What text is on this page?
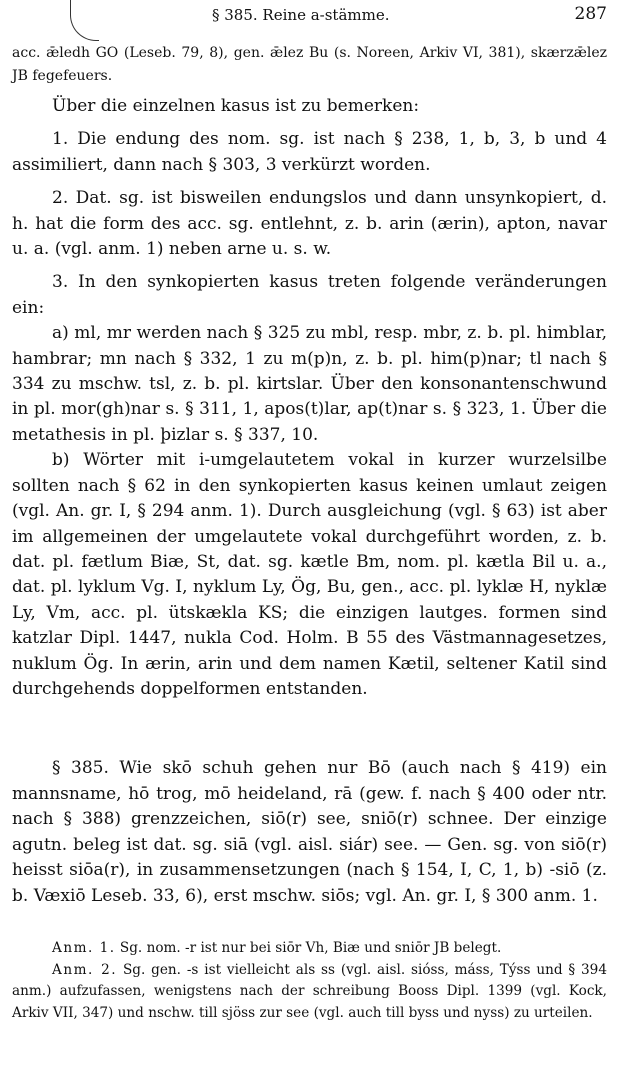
§ 385. Reine a-stämme.	287
acc. ǣledh GO (Leseb. 79, 8), gen. ǣlez Bu (s. Noreen, Arkiv VI, 381), skærzǣlez JB fegefeuers.

Über die einzelnen kasus ist zu bemerken:

1. Die endung des nom. sg. ist nach § 238, 1, b, 3, b und 4 assimiliert, dann nach § 303, 3 verkürzt worden.

2. Dat. sg. ist bisweilen endungslos und dann unsynkopiert, d. h. hat die form des acc. sg. entlehnt, z. b. arin (ærin), apton, navar u. a. (vgl. anm. 1) neben arne u. s. w.

3. In den synkopierten kasus treten folgende veränderungen ein:

a) ml, mr werden nach § 325 zu mbl, resp. mbr, z. b. pl. himblar, hambrar; mn nach § 332, 1 zu m(p)n, z. b. pl. him(p)nar; tl nach § 334 zu mschw. tsl, z. b. pl. kirtslar. Über den konsonantenschwund in pl. mor(gh)nar s. § 311, 1, apos(t)lar, ap(t)nar s. § 323, 1. Über die metathesis in pl. þizlar s. § 337, 10.

b) Wörter mit i-umgelautetem vokal in kurzer wurzelsilbe sollten nach § 62 in den synkopierten kasus keinen umlaut zeigen (vgl. An. gr. I, § 294 anm. 1). Durch ausgleichung (vgl. § 63) ist aber im allgemeinen der umgelautete vokal durchgeführt worden, z. b. dat. pl. fætlum Biæ, St, dat. sg. kætle Bm, nom. pl. kætla Bil u. a., dat. pl. lyklum Vg. I, nyklum Ly, Ög, Bu, gen., acc. pl. lyklæ H, nyklæ Ly, Vm, acc. pl. ütskækla KS; die einzigen lautges. formen sind katzlar Dipl. 1447, nukla Cod. Holm. B 55 des Västmannagesetzes, nuklum Ög. In ærin, arin und dem namen Kætil, seltener Katil sind durchgehends doppelformen entstanden.

§ 385. Wie skō schuh gehen nur Bō (auch nach § 419) ein mannsname, hō trog, mō heideland, rā (gew. f. nach § 400 oder ntr. nach § 388) grenzzeichen, siō(r) see, sniō(r) schnee. Der einzige agutn. beleg ist dat. sg. siā (vgl. aisl. siár) see. — Gen. sg. von siō(r) heisst siōa(r), in zusammensetzungen (nach § 154, I, C, 1, b) -siō (z. b. Væxiō Leseb. 33, 6), erst mschw. siōs; vgl. An. gr. I, § 300 anm. 1.

Anm. 1. Sg. nom. -r ist nur bei siōr Vh, Biæ und sniōr JB belegt.

Anm. 2. Sg. gen. -s ist vielleicht als ss (vgl. aisl. sióss, máss, Týss und § 394 anm.) aufzufassen, wenigstens nach der schreibung Booss Dipl. 1399 (vgl. Kock, Arkiv VII, 347) und nschw. till sjöss zur see (vgl. auch till byss und nyss) zu urteilen.
